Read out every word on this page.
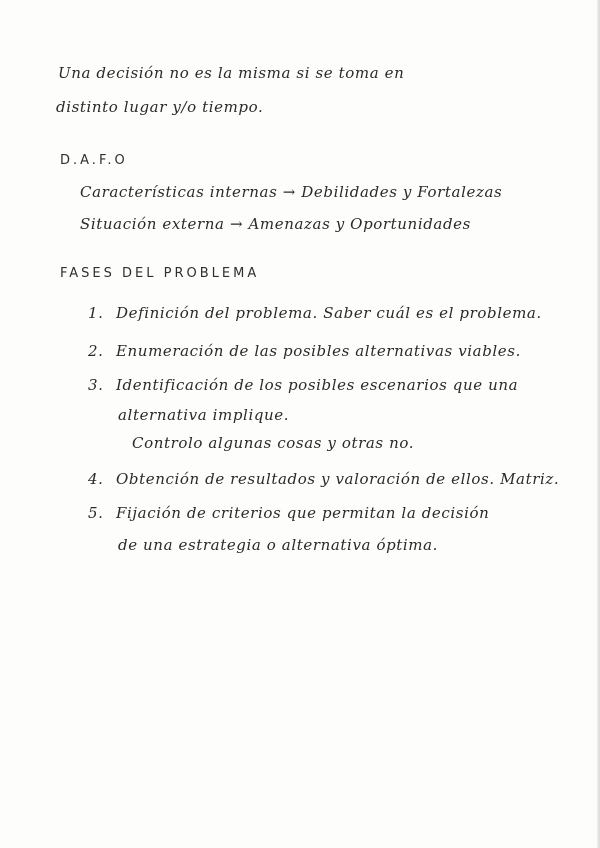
Una decisión no es la misma si se toma en
distinto lugar y/o tiempo.
D.A.F.O
Características internas → Debilidades y Fortalezas
Situación externa → Amenazas y Oportunidades
FASES DEL PROBLEMA
1. Definición del problema. Saber cuál es el problema.
2. Enumeración de las posibles alternativas viables.
3. Identificación de los posibles escenarios que una
alternativa implique.
Controlo algunas cosas y otras no.
4. Obtención de resultados y valoración de ellos. Matriz.
5. Fijación de criterios que permitan la decisión
de una estrategia o alternativa óptima.
